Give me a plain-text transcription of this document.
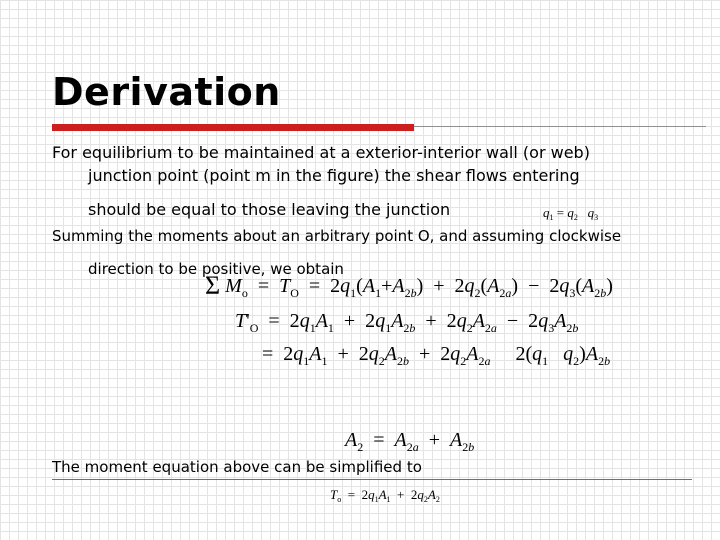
Derivation
For equilibrium to be maintained at a exterior-interior wall (or web)
junction point (point m in the figure) the shear flows entering
should be equal to those leaving the junction	$q_1 = q_2$ $q_3$
Summing the moments about an arbitrary point O, and assuming clockwise
direction to be positive, we obtain
Σ $M_o = T_O = 2q_1(A_1+A_{2b}) + 2q_2(A_{2a}) - 2q_3(A_{2b})$
$T'_O = 2q_1A_1 + 2q_1A_{2b} + 2q_2A_{2a} - 2q_3A_{2b}$
=  $2q_1A_1 + 2q_2A_{2b} + 2q_2A_{2a}$     $2(q_1$ $q_2)A_{2b}$
$A_2 = A_{2a} + A_{2b}$
The moment equation above can be simplified to
$T_o = 2q_1A_1 + 2q_2A_2$
